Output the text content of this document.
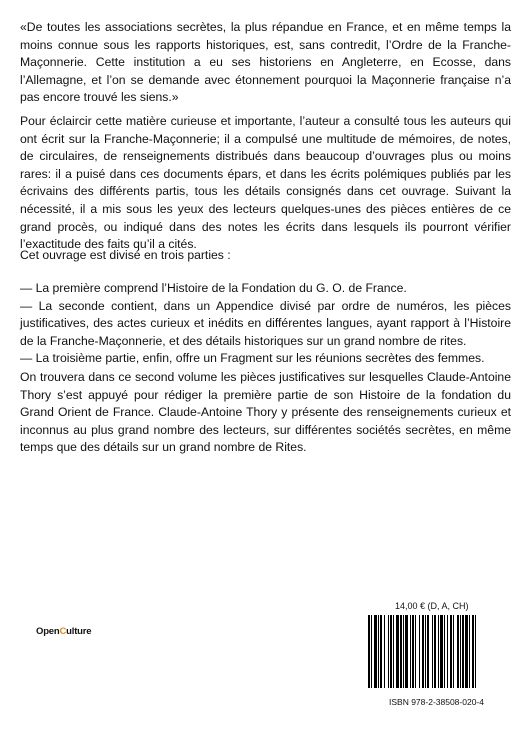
«De toutes les associations secrètes, la plus répandue en France, et en même temps la moins connue sous les rapports historiques, est, sans contredit, l’Ordre de la Franche-Maçonnerie. Cette institution a eu ses historiens en Angleterre, en Ecosse, dans l’Allemagne, et l’on se demande avec étonnement pourquoi la Maçonnerie française n’a pas encore trouvé les siens.»

Pour éclaircir cette matière curieuse et importante, l’auteur a consulté tous les auteurs qui ont écrit sur la Franche-Maçonnerie; il a compulsé une multitude de mémoires, de notes, de circulaires, de renseignements distribués dans beaucoup d’ouvrages plus ou moins rares: il a puisé dans ces documents épars, et dans les écrits polémiques publiés par les écrivains des différents partis, tous les détails consignés dans cet ouvrage. Suivant la nécessité, il a mis sous les yeux des lecteurs quelques-unes des pièces entières de ce grand procès, ou indiqué dans des notes les écrits dans lesquels ils pourront vérifier l’exactitude des faits qu’il a cités.

Cet ouvrage est divisé en trois parties :

— La première comprend l’Histoire de la Fondation du G. O. de France.

— La seconde contient, dans un Appendice divisé par ordre de numéros, les pièces justificatives, des actes curieux et inédits en différentes langues, ayant rapport à l’Histoire de la Franche-Maçonnerie, et des détails historiques sur un grand nombre de rites.

— La troisième partie, enfin, offre un Fragment sur les réunions secrètes des femmes.

On trouvera dans ce second volume les pièces justificatives sur lesquelles Claude-Antoine Thory s’est appuyé pour rédiger la première partie de son Histoire de la fondation du Grand Orient de France. Claude-Antoine Thory y présente des renseignements curieux et inconnus au plus grand nombre des lecteurs, sur différentes sociétés secrètes, en même temps que des détails sur un grand nombre de Rites.

14,00 € (D, A, CH)
OpenCulture
ISBN 978-2-38508-020-4
